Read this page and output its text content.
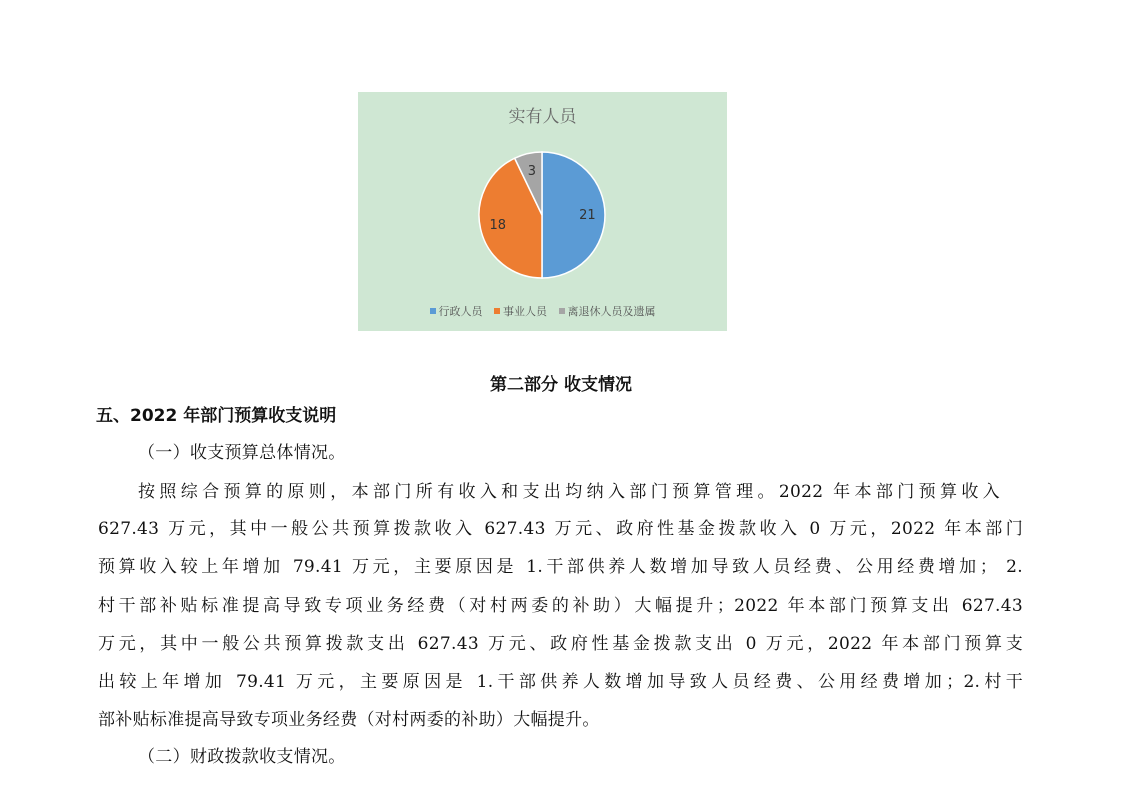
实有人员
21
18
3
行政人员 事业人员 离退休人员及遗属
第二部分 收支情况
五、2022 年部门预算收支说明
（一）收支预算总体情况。
按照综合预算的原则，本部门所有收入和支出均纳入部门预算管理。2022 年本部门预算收入
627.43 万元，其中一般公共预算拨款收入 627.43 万元、政府性基金拨款收入 0 万元，2022 年本部门
预算收入较上年增加 79.41 万元，主要原因是 1.干部供养人数增加导致人员经费、公用经费增加； 2.
村干部补贴标准提高导致专项业务经费（对村两委的补助）大幅提升；2022 年本部门预算支出 627.43
万元，其中一般公共预算拨款支出 627.43 万元、政府性基金拨款支出 0 万元，2022 年本部门预算支
出较上年增加 79.41 万元，主要原因是 1.干部供养人数增加导致人员经费、公用经费增加；2.村干
部补贴标准提高导致专项业务经费（对村两委的补助）大幅提升。
（二）财政拨款收支情况。
